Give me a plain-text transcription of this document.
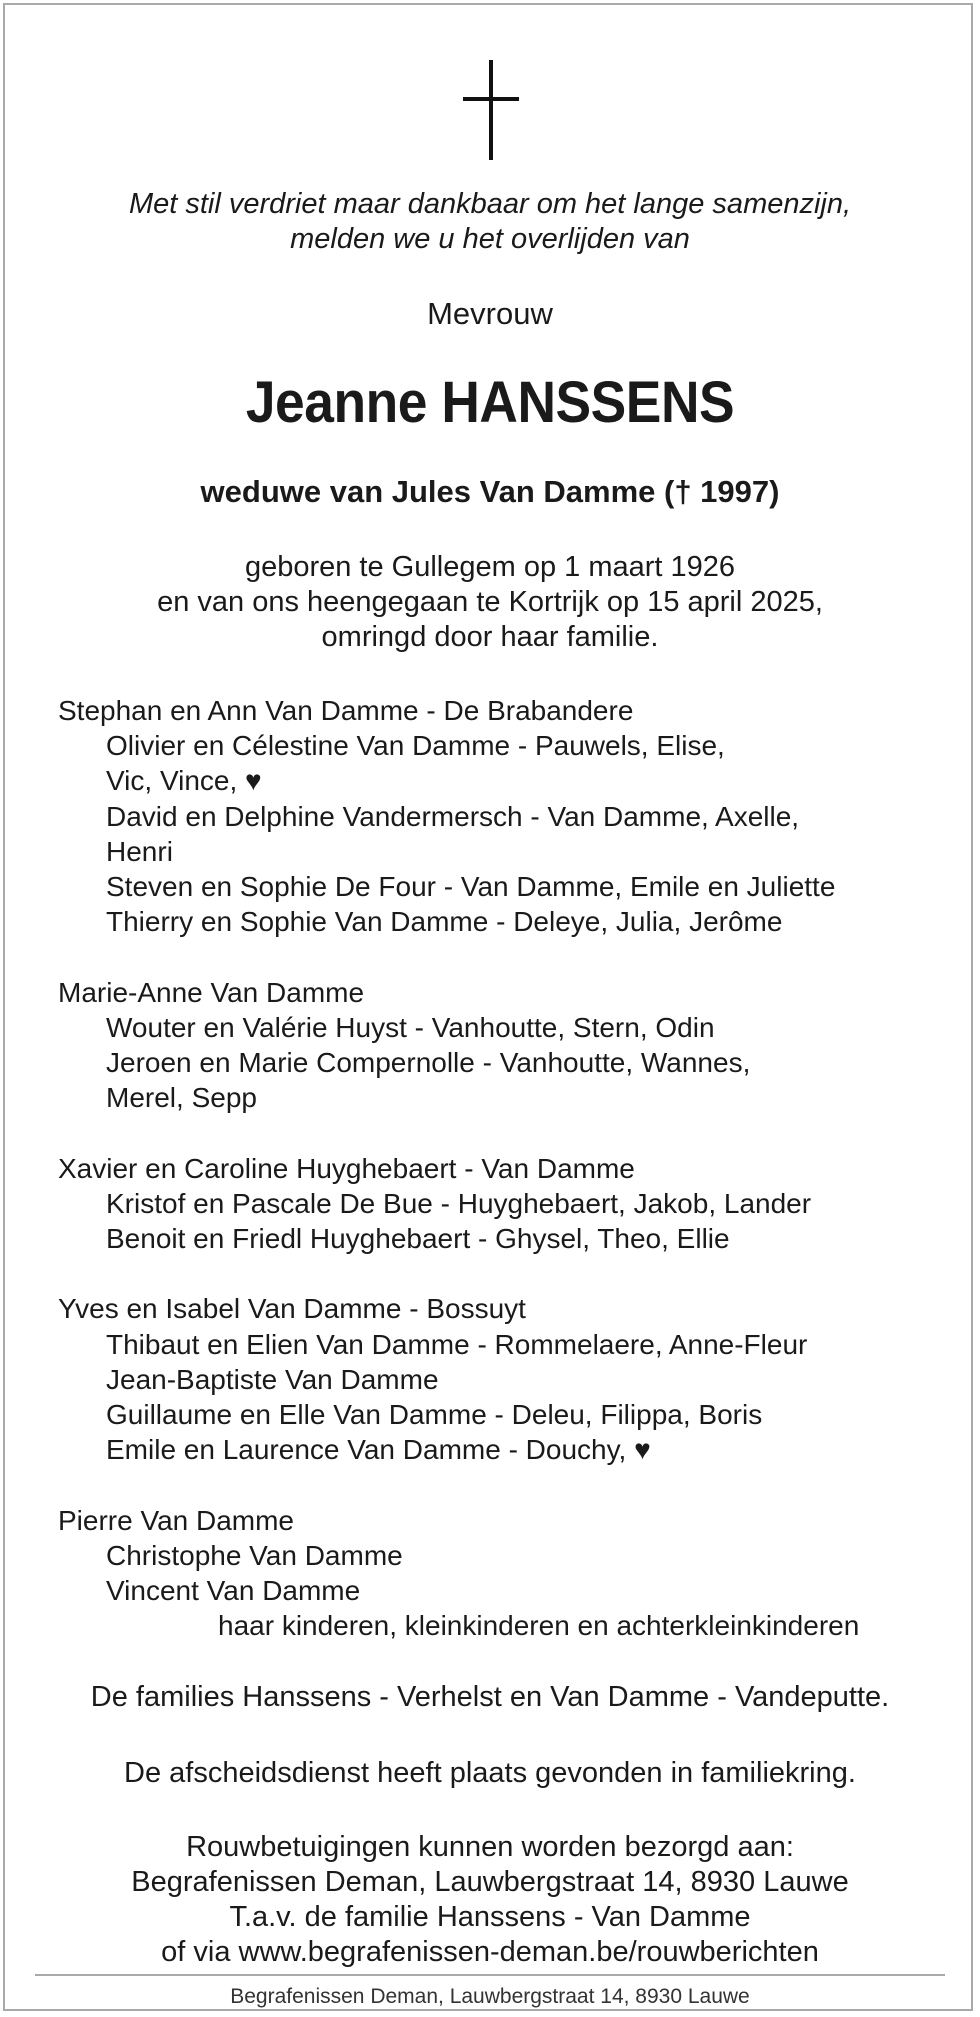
Met stil verdriet maar dankbaar om het lange samenzijn,
melden we u het overlijden van
Mevrouw
Jeanne HANSSENS
weduwe van Jules Van Damme († 1997)
geboren te Gullegem op 1 maart 1926
en van ons heengegaan te Kortrijk op 15 april 2025,
omringd door haar familie.
Stephan en Ann Van Damme - De Brabandere
Olivier en Célestine Van Damme - Pauwels, Elise,
Vic, Vince, ♥
David en Delphine Vandermersch - Van Damme, Axelle,
Henri
Steven en Sophie De Four - Van Damme, Emile en Juliette
Thierry en Sophie Van Damme - Deleye, Julia, Jerôme
Marie-Anne Van Damme
Wouter en Valérie Huyst - Vanhoutte, Stern, Odin
Jeroen en Marie Compernolle - Vanhoutte, Wannes,
Merel, Sepp
Xavier en Caroline Huyghebaert - Van Damme
Kristof en Pascale De Bue - Huyghebaert, Jakob, Lander
Benoit en Friedl Huyghebaert - Ghysel, Theo, Ellie
Yves en Isabel Van Damme - Bossuyt
Thibaut en Elien Van Damme - Rommelaere, Anne-Fleur
Jean-Baptiste Van Damme
Guillaume en Elle Van Damme - Deleu, Filippa, Boris
Emile en Laurence Van Damme - Douchy, ♥
Pierre Van Damme
Christophe Van Damme
Vincent Van Damme
haar kinderen, kleinkinderen en achterkleinkinderen
De families Hanssens - Verhelst en Van Damme - Vandeputte.
De afscheidsdienst heeft plaats gevonden in familiekring.
Rouwbetuigingen kunnen worden bezorgd aan:
Begrafenissen Deman, Lauwbergstraat 14, 8930 Lauwe
T.a.v. de familie Hanssens - Van Damme
of via www.begrafenissen-deman.be/rouwberichten
Begrafenissen Deman, Lauwbergstraat 14, 8930 Lauwe
